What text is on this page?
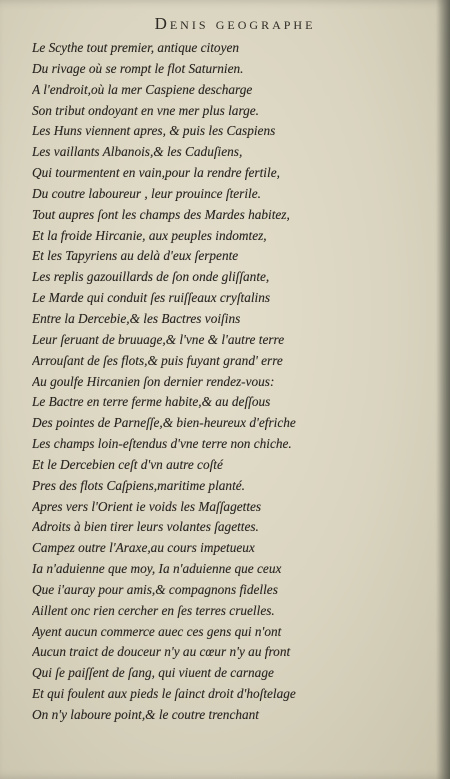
Denis geographe
Le Scythe tout premier, antique citoyen
Du rivage où se rompt le flot Saturnien.
A l'endroit,où la mer Caspiene descharge
Son tribut ondoyant en vne mer plus large.
Les Huns viennent apres, & puis les Caspiens
Les vaillants Albanois,& les Caduſiens,
Qui tourmentent en vain,pour la rendre fertile,
Du coutre laboureur , leur prouince ſterile.
Tout aupres ſont les champs des Mardes habitez,
Et la froide Hircanie, aux peuples indomtez,
Et les Tapyriens au delà d'eux ſerpente
Les replis gazouillards de ſon onde gliſſante,
Le Marde qui conduit ſes ruiſſeaux cryſtalins
Entre la Dercebie,& les Bactres voiſins
Leur ſeruant de bruuage,& l'vne & l'autre terre
Arrouſant de ſes flots,& puis fuyant grand' erre
Au goulfe Hircanien ſon dernier rendez-vous:
Le Bactre en terre ferme habite,& au deſſous
Des pointes de Parneſſe,& bien-heureux d'efriche
Les champs loin-eſtendus d'vne terre non chiche.
Et le Dercebien ceſt d'vn autre coſté
Pres des flots Caſpiens,maritime planté.
Apres vers l'Orient ie voids les Maſſagettes
Adroits à bien tirer leurs volantes ſagettes.
Campez outre l'Araxe,au cours impetueux
Ia n'aduienne que moy, Ia n'aduienne que ceux
Que i'auray pour amis,& compagnons fidelles
Aillent onc rien cercher en ſes terres cruelles.
Ayent aucun commerce auec ces gens qui n'ont
Aucun traict de douceur n'y au cœur n'y au front
Qui ſe paiſſent de ſang, qui viuent de carnage
Et qui foulent aux pieds le ſainct droit d'hoſtelage
On n'y laboure point,& le coutre trenchant
